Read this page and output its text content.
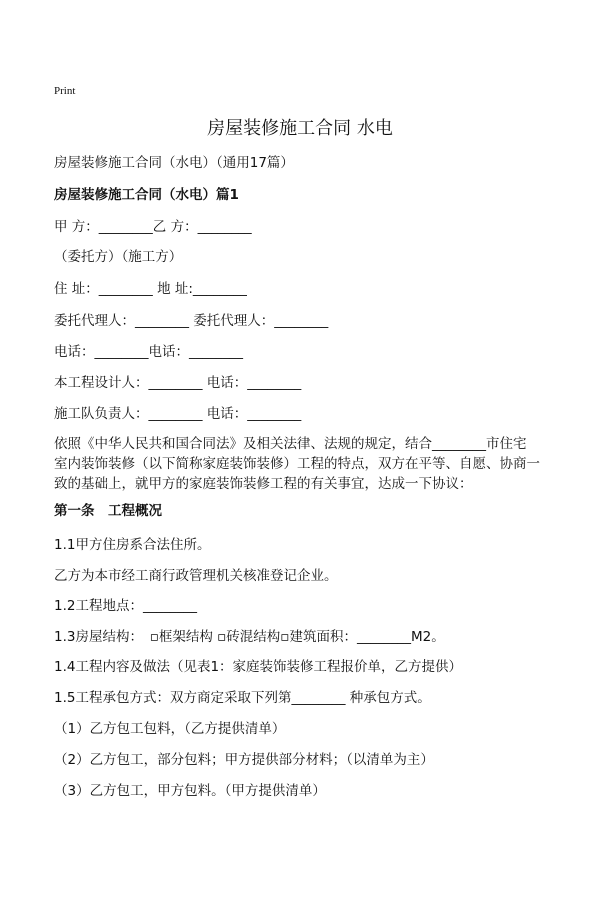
Print
房屋装修施工合同 水电
房屋装修施工合同（水电）（通用17篇）
房屋装修施工合同（水电）篇1
甲 方：________乙 方：________
（委托方）（施工方）
住 址：________ 地 址:________
委托代理人：________ 委托代理人：________
电话：________电话：________
本工程设计人：________ 电话：________
施工队负责人：________ 电话：________
依照《中华人民共和国合同法》及相关法律、法规的规定，结合________市住宅
室内装饰装修（以下简称家庭装饰装修）工程的特点，双方在平等、自愿、协商一
致的基础上，就甲方的家庭装饰装修工程的有关事宜，达成一下协议：
第一条　工程概况
1.1甲方住房系合法住所。
乙方为本市经工商行政管理机关核准登记企业。
1.2工程地点：________
1.3房屋结构：　▫框架结构 ▫砖混结构▫建筑面积：________M2。
1.4工程内容及做法（见表1：家庭装饰装修工程报价单，乙方提供）
1.5工程承包方式：双方商定采取下列第________ 种承包方式。
（1）乙方包工包料，（乙方提供清单）
（2）乙方包工，部分包料；甲方提供部分材料；（以清单为主）
（3）乙方包工，甲方包料。（甲方提供清单）
